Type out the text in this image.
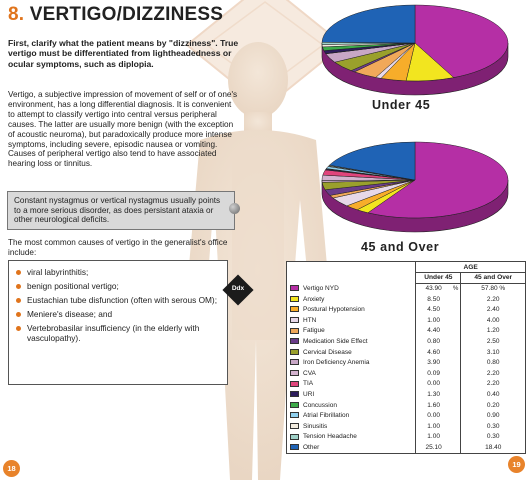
8. VERTIGO/DIZZINESS
First, clarify what the patient means by "dizziness". True vertigo must be differentiated from lightheadedness or ocular symptoms, such as diplopia.
Vertigo, a subjective impression of movement of self or of one's environment, has a long differential diagnosis. It is convenient to attempt to classify vertigo into central versus peripheral causes. The latter are usually more benign (with the exception of acoustic neuroma), but paradoxically produce more intense symptoms, including severe, episodic nausea or vomiting. Causes of peripheral vertigo also tend to have associated hearing loss or tinnitus.
Constant nystagmus or vertical nystagmus usually points to a more serious disorder, as does persistant ataxia or other neurological deficits.
The most common causes of vertigo in the generalist's office include:
viral labyrinthitis;
benign positional vertigo;
Eustachian tube disfunction (often with serous OM);
Meniere's disease; and
Vertebrobasilar insufficiency (in the elderly with vasculopathy).
Ddx
Under 45
45 and Over
	AGE		
	Under 45		45 and Over
Vertigo NYD	43.90	%	57.80 %
Anxiety	8.50		2.20
Postural Hypotension	4.50		2.40
HTN	1.00		4.00
Fatigue	4.40		1.20
Medication Side Effect	0.80		2.50
Cervical Disease	4.60		3.10
Iron Deficiency Anemia	3.90		0.80
CVA	0.09		2.20
TIA	0.00		2.20
URI	1.30		0.40
Concussion	1.60		0.20
Atrial Fibrillation	0.00		0.90
Sinusitis	1.00		0.30
Tension Headache	1.00		0.30
Other	25.10		18.40
18	19
